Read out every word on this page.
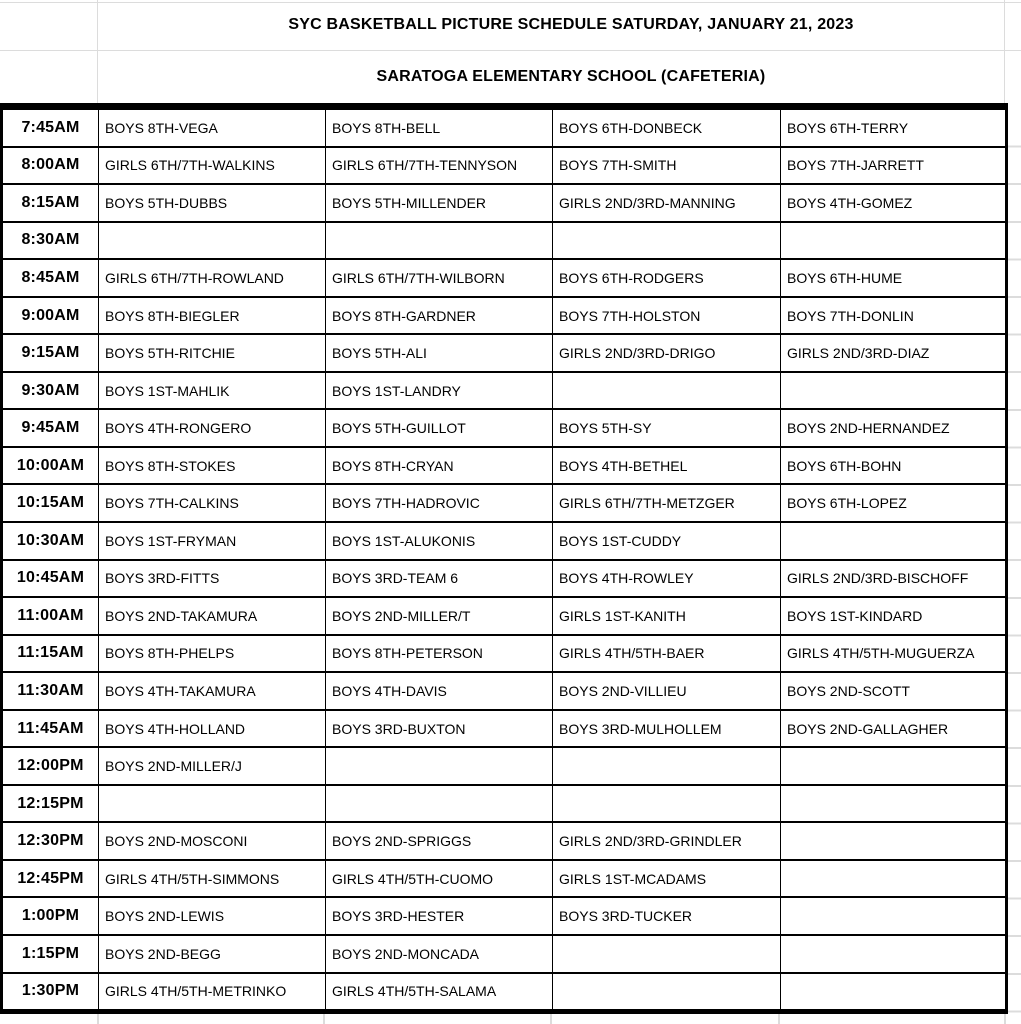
SYC BASKETBALL PICTURE SCHEDULE SATURDAY, JANUARY 21, 2023
SARATOGA ELEMENTARY SCHOOL (CAFETERIA)
7:45AM	BOYS 8TH-VEGA	BOYS 8TH-BELL	BOYS 6TH-DONBECK	BOYS 6TH-TERRY
8:00AM	GIRLS 6TH/7TH-WALKINS	GIRLS 6TH/7TH-TENNYSON	BOYS 7TH-SMITH	BOYS 7TH-JARRETT
8:15AM	BOYS 5TH-DUBBS	BOYS 5TH-MILLENDER	GIRLS 2ND/3RD-MANNING	BOYS 4TH-GOMEZ
8:30AM				
8:45AM	GIRLS 6TH/7TH-ROWLAND	GIRLS 6TH/7TH-WILBORN	BOYS 6TH-RODGERS	BOYS 6TH-HUME
9:00AM	BOYS 8TH-BIEGLER	BOYS 8TH-GARDNER	BOYS 7TH-HOLSTON	BOYS 7TH-DONLIN
9:15AM	BOYS 5TH-RITCHIE	BOYS 5TH-ALI	GIRLS 2ND/3RD-DRIGO	GIRLS 2ND/3RD-DIAZ
9:30AM	BOYS 1ST-MAHLIK	BOYS 1ST-LANDRY		
9:45AM	BOYS 4TH-RONGERO	BOYS 5TH-GUILLOT	BOYS 5TH-SY	BOYS 2ND-HERNANDEZ
10:00AM	BOYS 8TH-STOKES	BOYS 8TH-CRYAN	BOYS 4TH-BETHEL	BOYS 6TH-BOHN
10:15AM	BOYS 7TH-CALKINS	BOYS 7TH-HADROVIC	GIRLS 6TH/7TH-METZGER	BOYS 6TH-LOPEZ
10:30AM	BOYS 1ST-FRYMAN	BOYS 1ST-ALUKONIS	BOYS 1ST-CUDDY	
10:45AM	BOYS 3RD-FITTS	BOYS 3RD-TEAM 6	BOYS 4TH-ROWLEY	GIRLS 2ND/3RD-BISCHOFF
11:00AM	BOYS 2ND-TAKAMURA	BOYS 2ND-MILLER/T	GIRLS 1ST-KANITH	BOYS 1ST-KINDARD
11:15AM	BOYS 8TH-PHELPS	BOYS 8TH-PETERSON	GIRLS 4TH/5TH-BAER	GIRLS 4TH/5TH-MUGUERZA
11:30AM	BOYS 4TH-TAKAMURA	BOYS 4TH-DAVIS	BOYS 2ND-VILLIEU	BOYS 2ND-SCOTT
11:45AM	BOYS 4TH-HOLLAND	BOYS 3RD-BUXTON	BOYS 3RD-MULHOLLEM	BOYS 2ND-GALLAGHER
12:00PM	BOYS 2ND-MILLER/J			
12:15PM				
12:30PM	BOYS 2ND-MOSCONI	BOYS 2ND-SPRIGGS	GIRLS 2ND/3RD-GRINDLER	
12:45PM	GIRLS 4TH/5TH-SIMMONS	GIRLS 4TH/5TH-CUOMO	GIRLS 1ST-MCADAMS	
1:00PM	BOYS 2ND-LEWIS	BOYS 3RD-HESTER	BOYS 3RD-TUCKER	
1:15PM	BOYS 2ND-BEGG	BOYS 2ND-MONCADA		
1:30PM	GIRLS 4TH/5TH-METRINKO	GIRLS 4TH/5TH-SALAMA		
